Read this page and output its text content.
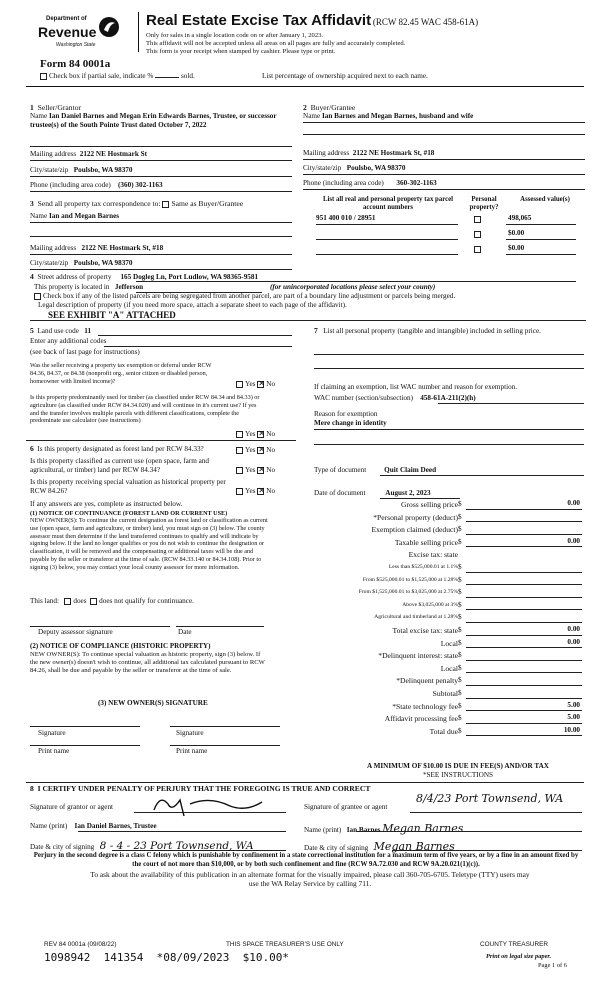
Department of
Revenue
Washington State
Real Estate Excise Tax Affidavit (RCW 82.45 WAC 458-61A)
Only for sales in a single location code on or after January 1, 2023.
This affidavit will not be accepted unless all areas on all pages are fully and accurately completed.
This form is your receipt when stamped by cashier. Please type or print.
Form 84 0001a
Check box if partial sale, indicate %	sold.	List percentage of ownership acquired next to each name.
1 Seller/Grantor
Name Ian Daniel Barnes and Megan Erin Edwards Barnes, Trustee, or successor trustee(s) of the South Pointe Trust dated October 7, 2022
Mailing address 2122 NE Hostmark St
City/state/zip Poulsbo, WA 98370
Phone (including area code) (360) 302-1163
2 Buyer/Grantee
Name Ian Barnes and Megan Barnes, husband and wife
Mailing address 2122 NE Hostmark St, #18
City/state/zip Poulsbo, WA 98370
Phone (including area code) 360-302-1163
3 Send all property tax correspondence to: Same as Buyer/Grantee
Name Ian and Megan Barnes
Mailing address 2122 NE Hostmark St, #18
City/state/zip Poulsbo, WA 98370
List all real and personal property tax parcel account numbers
Personal property?
Assessed value(s)
951 400 010 / 28951	498,065
$0.00
$0.00
4 Street address of property 165 Dogleg Ln, Port Ludlow, WA 98365-9581
This property is located in Jefferson	(for unincorporated locations please select your county)
Check box if any of the listed parcels are being segregated from another parcel, are part of a boundary line adjustment or parcels being merged.
Legal description of property (if you need more space, attach a separate sheet to each page of the affidavit).
SEE EXHIBIT "A" ATTACHED
5 Land use code 11
Enter any additional codes
(see back of last page for instructions)
Was the seller receiving a property tax exemption or deferral under RCW 84.36, 84.37, or 84.38 (nonprofit org., senior citizen or disabled person, homeowner with limited income)?	Yes ✕ No
Is this property predominantly used for timber (as classified under RCW 84.34 and 84.33) or agriculture (as classified under RCW 84.34.020) and will continue in it's current use? If yes and the transfer involves multiple parcels with different classifications, complete the predominate use calculator (see instructions)
Yes ✕ No
6 Is this property designated as forest land per RCW 84.33?	Yes ✕ No
Is this property classified as current use (open space, farm and agricultural, or timber) land per RCW 84.34?	Yes ✕ No
Is this property receiving special valuation as historical property per RCW 84.26?	Yes ✕ No
If any answers are yes, complete as instructed below.
(1) NOTICE OF CONTINUANCE (FOREST LAND OR CURRENT USE)
NEW OWNER(S): To continue the current designation as forest land or classification as current use (open space, farm and agriculture, or timber) land, you must sign on (3) below. The county assessor must then determine if the land transferred continues to qualify and will indicate by signing below. If the land no longer qualifies or you do not wish to continue the designation or classification, it will be removed and the compensating or additional taxes will be due and payable by the seller or transferor at the time of sale. (RCW 84.33.140 or 84.34.108). Prior to signing (3) below, you may contact your local county assessor for more information.
This land: does does not qualify for continuance.
Deputy assessor signature	Date
(2) NOTICE OF COMPLIANCE (HISTORIC PROPERTY)
NEW OWNER(S): To continue special valuation as historic property, sign (3) below. If the new owner(s) doesn't wish to continue, all additional tax calculated pursuant to RCW 84.26, shall be due and payable by the seller or transferor at the time of sale.
(3) NEW OWNER(S) SIGNATURE
Signature	Signature
Print name	Print name
7 List all personal property (tangible and intangible) included in selling price.
If claiming an exemption, list WAC number and reason for exemption.
WAC number (section/subsection) 458-61A-211(2)(h)
Reason for exemption
Mere change in identity
Type of document Quit Claim Deed
Date of document	August 2, 2023
Gross selling price $	0.00
*Personal property (deduct) $
Exemption claimed (deduct) $
Taxable selling price $	0.00
Excise tax: state
Less than $525,000.01 at 1.1% $
From $525,000.01 to $1,525,000 at 1.28% $
From $1,525,000.01 to $3,025,000 at 2.75% $
Above $3,025,000 at 3% $
Agricultural and timberland at 1.28% $
Total excise tax: state $	0.00
Local $	0.00
*Delinquent interest: state $
Local $
*Delinquent penalty $
Subtotal $
*State technology fee $	5.00
Affidavit processing fee $	5.00
Total due $	10.00
A MINIMUM OF $10.00 IS DUE IN FEE(S) AND/OR TAX
*SEE INSTRUCTIONS
8 I CERTIFY UNDER PENALTY OF PERJURY THAT THE FOREGOING IS TRUE AND CORRECT
Signature of grantor or agent	Signature of grantee or agent
8/4/23 Port Townsend, WA
Name (print) Ian Daniel Barnes, Trustee	Name (print) Ian Barnes Megan Barnes
Date & city of signing 8 - 4 - 23 Port Townsend, WA	Date & city of signing Megan Barnes
Perjury in the second degree is a class C felony which is punishable by confinement in a state correctional institution for a maximum term of five years, or by a fine in an amount fixed by the court of not more than $10,000, or by both such confinement and fine (RCW 9A.72.030 and RCW 9A.20.021(1)(c)).
To ask about the availability of this publication in an alternate format for the visually impaired, please call 360-705-6705. Teletype (TTY) users may use the WA Relay Service by calling 711.
REV 84 0001a (09/08/22)	THIS SPACE TREASURER'S USE ONLY	COUNTY TREASURER
1098942  141354  *08/09/2023  $10.00*	Print on legal size paper.
Page 1 of 6
